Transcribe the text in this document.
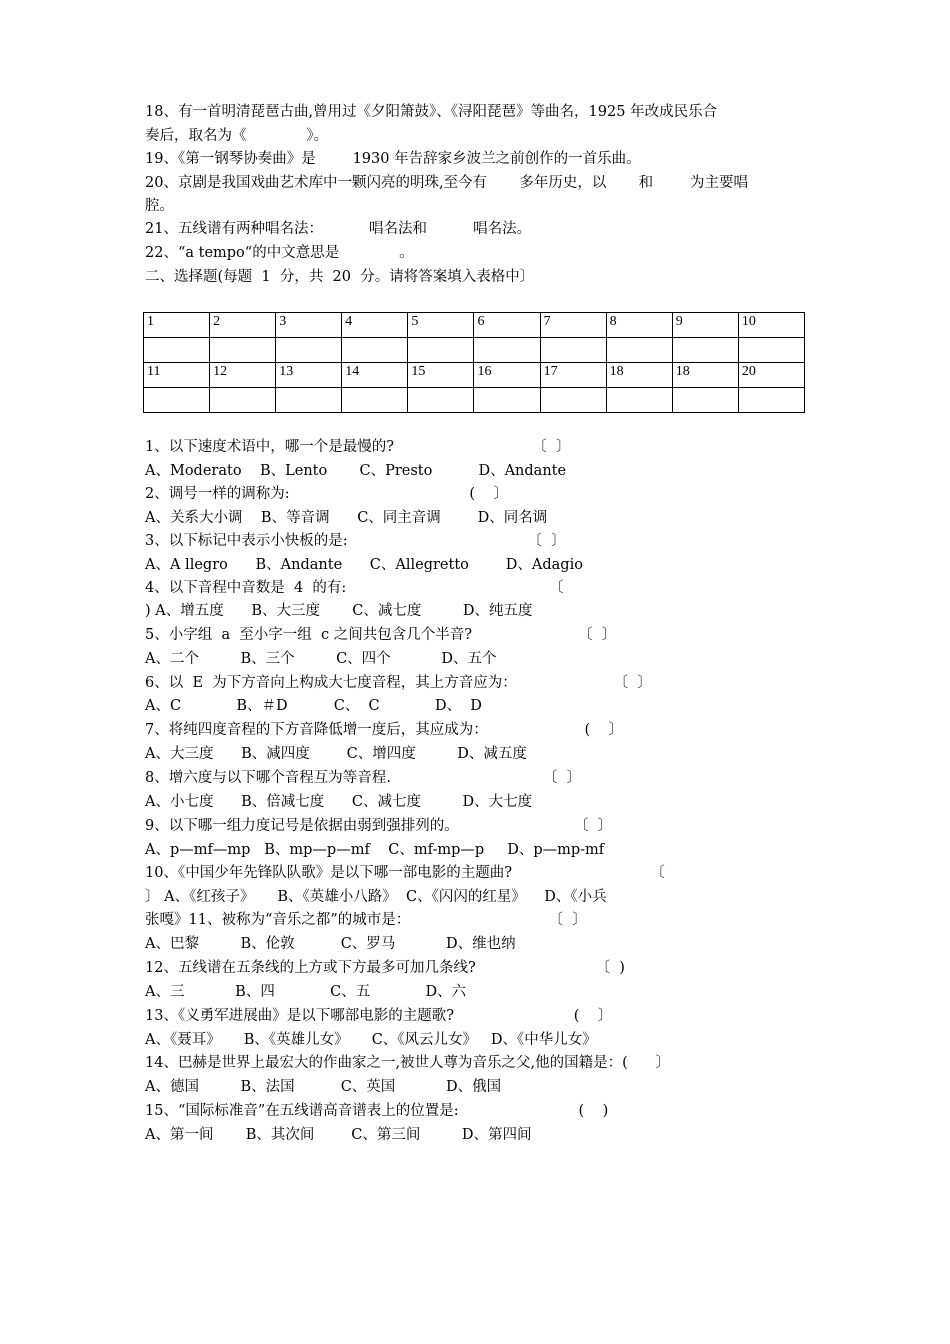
18、有一首明清琵琶古曲,曾用过《夕阳箫鼓》、《浔阳琵琶》等曲名，1925 年改成民乐合
奏后，取名为《             》。
19、《第一钢琴协奏曲》是        1930 年告辞家乡波兰之前创作的一首乐曲。
20、京剧是我国戏曲艺术库中一颗闪亮的明珠,至今有       多年历史，以       和        为主要唱
腔。
21、五线谱有两种唱名法：          唱名法和          唱名法。
22、“a tempo“的中文意思是             。
二、选择题(每题  1  分，共  20  分。请将答案填入表格中〕
1	2	3	4	5	6	7	8	9	10

11	12	13	14	15	16	17	18	18	20

1、以下速度术语中，哪一个是最慢的?                              〔  〕
A、Moderato    B、Lento       C、Presto          D、Andante
2、调号一样的调称为:                                       (    〕
A、关系大小调    B、等音调      C、同主音调        D、同名调
3、以下标记中表示小快板的是:                                       〔  〕
A、A llegro      B、Andante      C、Allegretto        D、Adagio
4、以下音程中音数是  4  的有:                                            〔
) A、增五度      B、大三度       C、减七度         D、纯五度
5、小字组  a  至小字一组  c 之间共包含几个半音?                       〔  〕
A、二个         B、三个         C、四个           D、五个
6、以  E  为下方音向上构成大七度音程，其上方音应为：                     〔  〕
A、C            B、＃D          C、  C            D、  D
7、将纯四度音程的下方音降低增一度后，其应成为：                     (    〕
A、大三度      B、减四度        C、增四度         D、减五度
8、增六度与以下哪个音程互为等音程.                                 〔  〕
A、小七度      B、倍减七度      C、减七度         D、大七度
9、以下哪一组力度记号是依据由弱到强排列的。                         〔  〕
A、p—mf—mp   B、mp—p—mf    C、mf-mp—p     D、p—mp-mf
10、《中国少年先锋队队歌》是以下哪一部电影的主题曲?                              〔
〕 A、《红孩子》     B、《英雄小八路》  C、《闪闪的红星》    D、《小兵
张嘎》11、被称为“音乐之都”的城市是：                              〔  〕
A、巴黎         B、伦敦          C、罗马           D、维也纳
12、五线谱在五条线的上方或下方最多可加几条线?                          〔  )
A、三           B、四            C、五            D、六
13、《义勇军进展曲》是以下哪部电影的主题歌?                          (    〕
A、《聂耳》     B、《英雄儿女》     C、《风云儿女》   D、《中华儿女》
14、巴赫是世界上最宏大的作曲家之一,被世人尊为音乐之父,他的国籍是：(      〕
A、德国         B、法国          C、英国           D、俄国
15、“国际标准音”在五线谱高音谱表上的位置是:                          (    )
A、第一间       B、其次间        C、第三间         D、第四间
